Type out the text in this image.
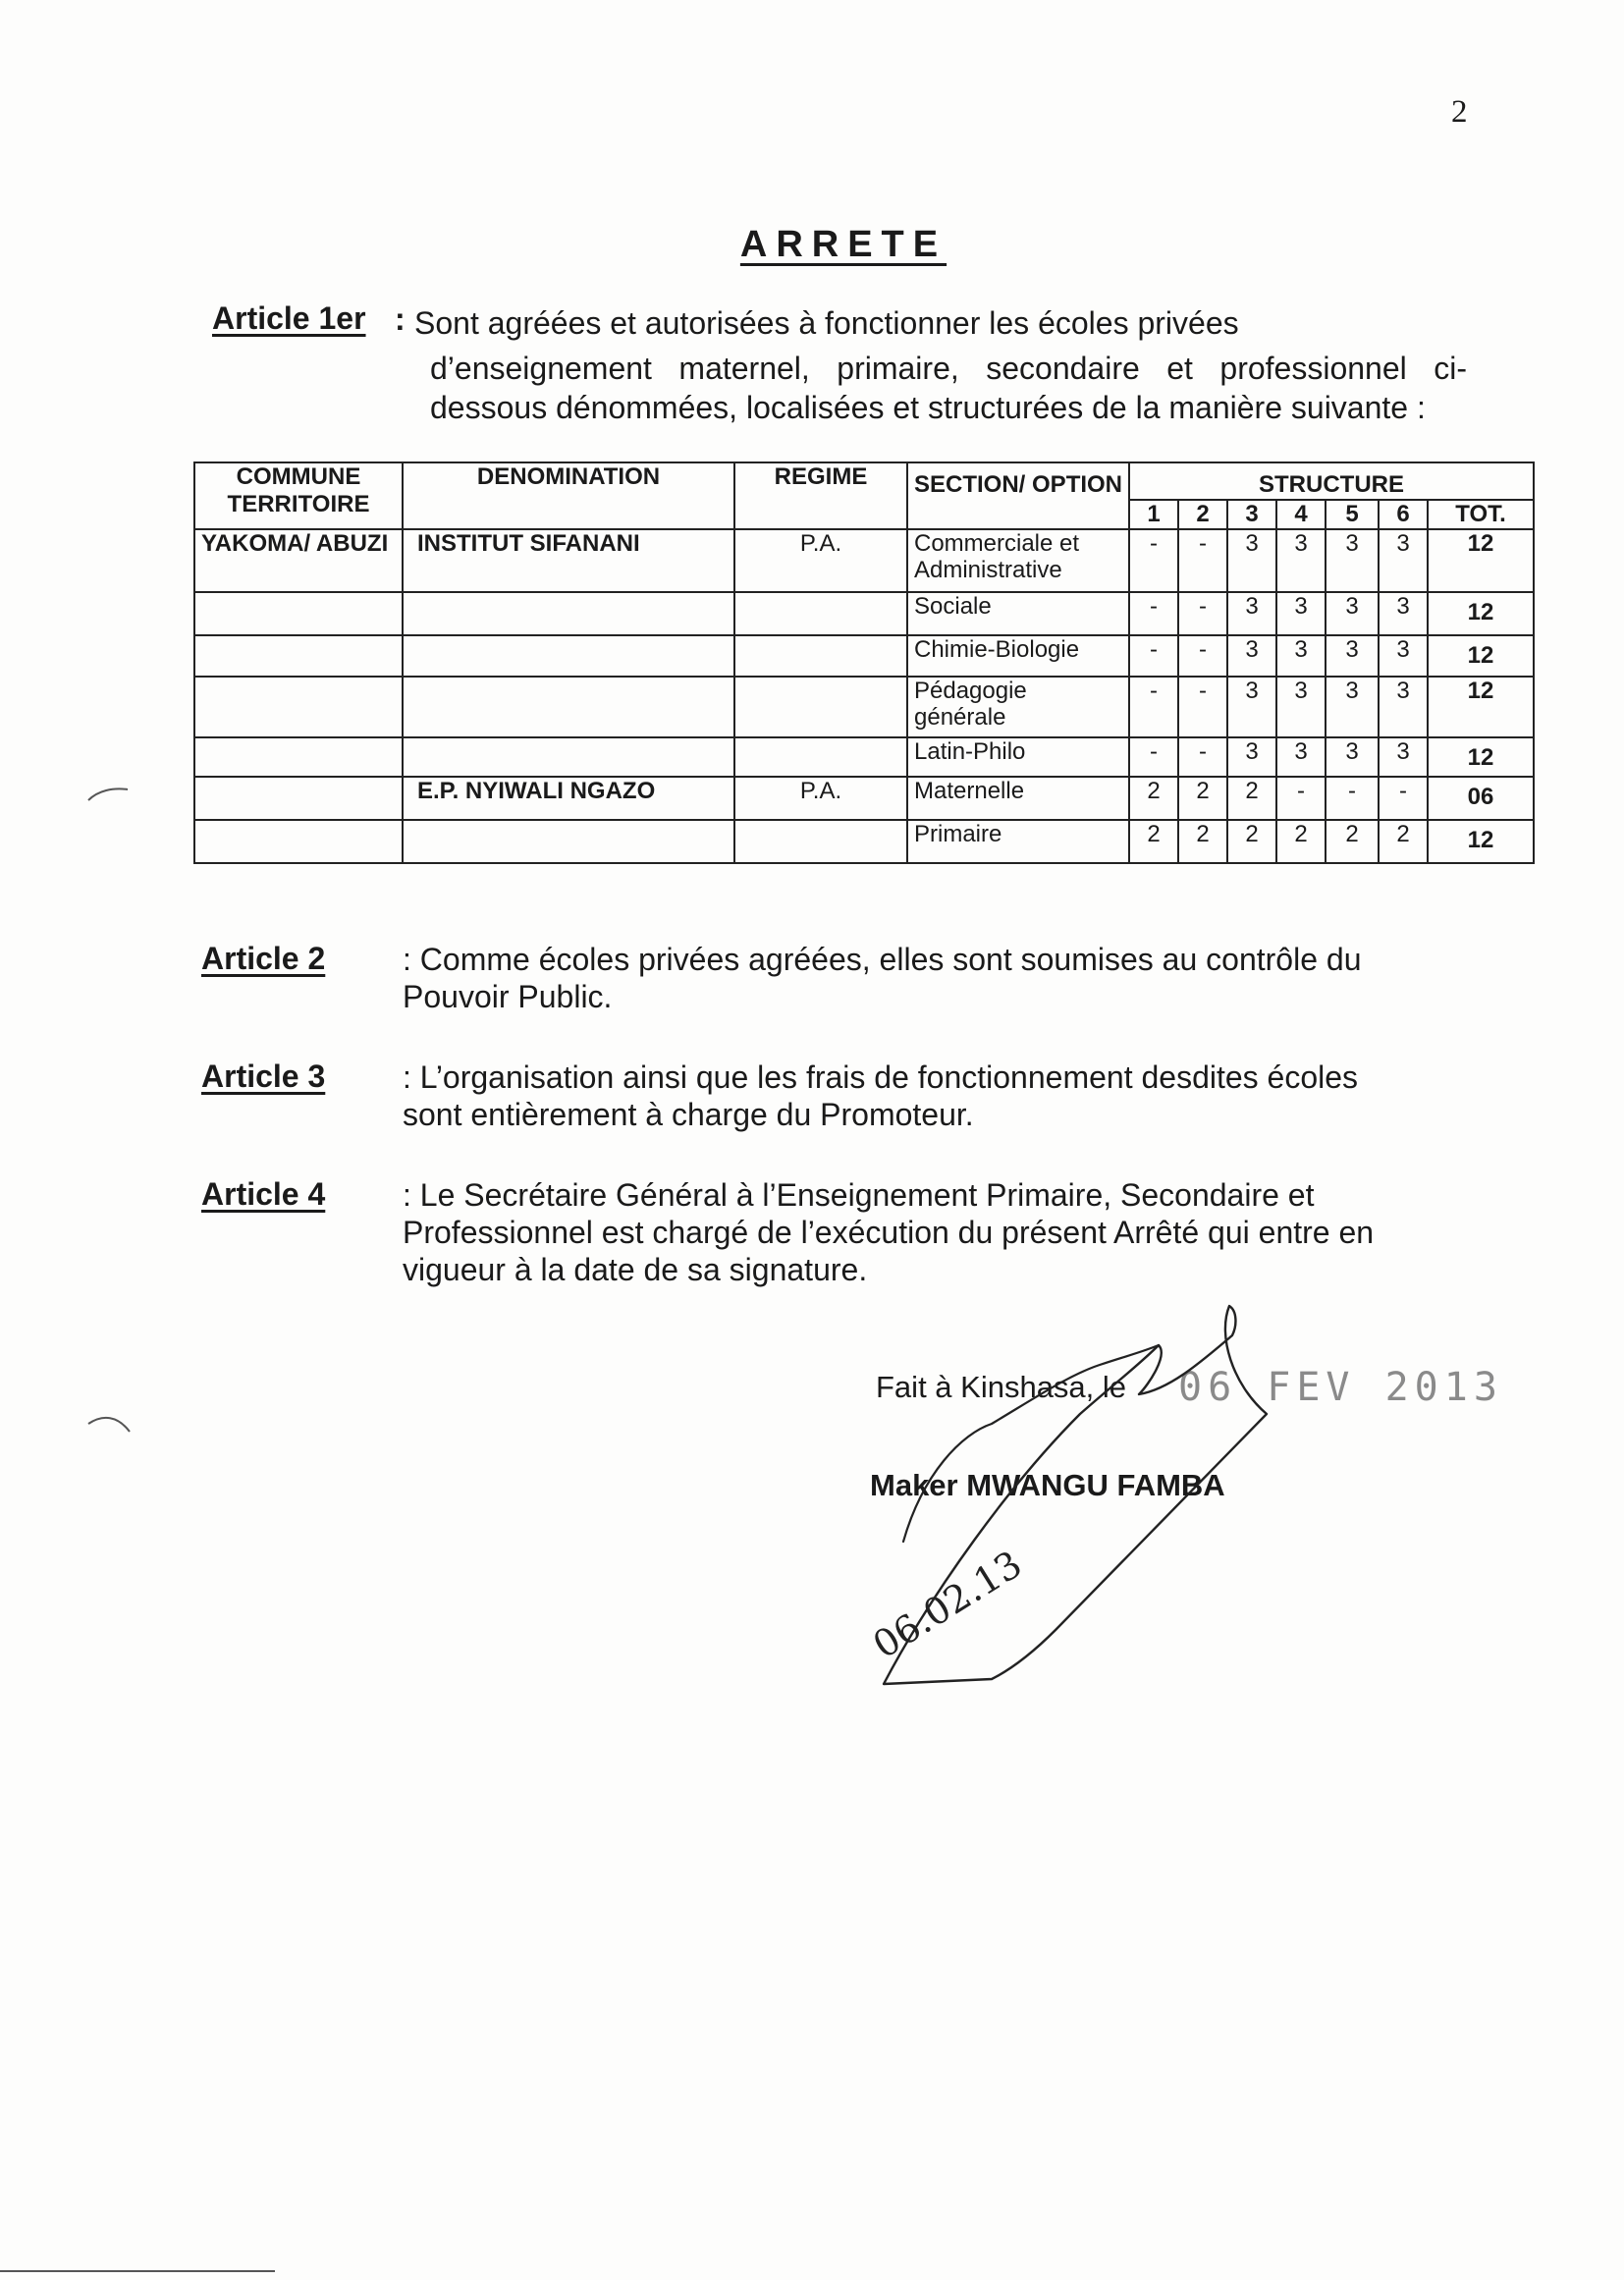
2
ARRETE
Article 1er : Sont agréées et autorisées à fonctionner les écoles privées
d’enseignement maternel, primaire, secondaire et professionnel ci-
dessous dénommées, localisées et structurées de la manière suivante :
COMMUNE TERRITOIRE	DENOMINATION	REGIME	SECTION/ OPTION	STRUCTURE						
				1	2	3	4	5	6	TOT.
YAKOMA/ ABUZI	INSTITUT SIFANANI	P.A.	Commerciale et Administrative	-	-	3	3	3	3	12
			Sociale	-	-	3	3	3	3	12
			Chimie-Biologie	-	-	3	3	3	3	12
			Pédagogie générale	-	-	3	3	3	3	12
			Latin-Philo	-	-	3	3	3	3	12
	E.P. NYIWALI NGAZO	P.A.	Maternelle	2	2	2	-	-	-	06
			Primaire	2	2	2	2	2	2	12
Article 2 : Comme écoles privées agréées, elles sont soumises au contrôle du Pouvoir Public.
Article 3 : L’organisation ainsi que les frais de fonctionnement desdites écoles sont entièrement à charge du Promoteur.
Article 4 : Le Secrétaire Général à l’Enseignement Primaire, Secondaire et Professionnel est chargé de l’exécution du présent Arrêté qui entre en vigueur à la date de sa signature.
Fait à Kinshasa, le 06 FEV 2013
Maker MWANGU FAMBA
06.02.13
